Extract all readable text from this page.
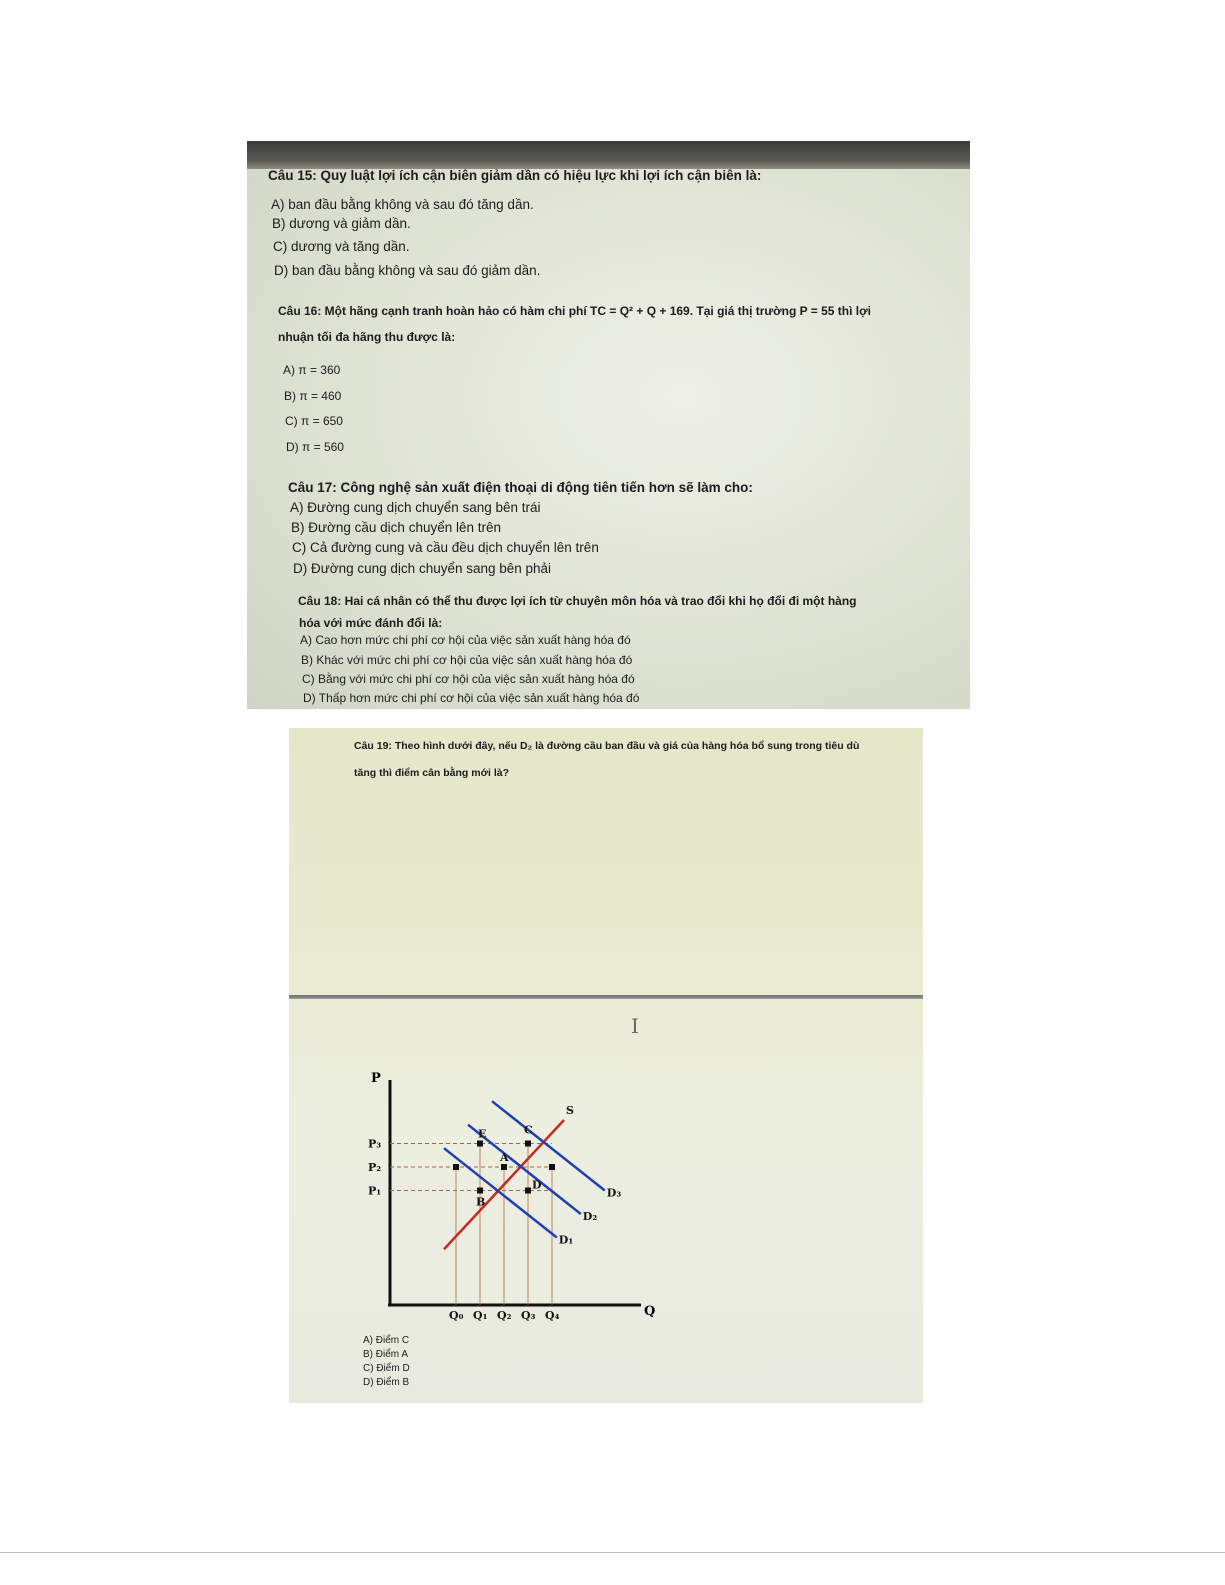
Câu 15: Quy luật lợi ích cận biên giảm dần có hiệu lực khi lợi ích cận biên là:

A) ban đầu bằng không và sau đó tăng dần.

B) dương và giảm dần.

C) dương và tăng dần.

D) ban đầu bằng không và sau đó giảm dần.

Câu 16: Một hãng cạnh tranh hoàn hảo có hàm chi phí TC = Q² + Q + 169. Tại giá thị trường P = 55 thì lợi

nhuận tối đa hãng thu được là:

A) π = 360

B) π = 460

C) π = 650

D) π = 560

Câu 17: Công nghệ sản xuất điện thoại di động tiên tiến hơn sẽ làm cho:

A) Đường cung dịch chuyển sang bên trái

B) Đường cầu dịch chuyển lên trên

C) Cả đường cung và cầu đều dịch chuyển lên trên

D) Đường cung dịch chuyển sang bên phải

Câu 18: Hai cá nhân có thể thu được lợi ích từ chuyên môn hóa và trao đổi khi họ đổi đi một hàng

hóa với mức đánh đổi là:

A) Cao hơn mức chi phí cơ hội của việc sản xuất hàng hóa đó

B) Khác với mức chi phí cơ hội của việc sản xuất hàng hóa đó

C) Bằng với mức chi phí cơ hội của việc sản xuất hàng hóa đó

D) Thấp hơn mức chi phí cơ hội của việc sản xuất hàng hóa đó

Câu 19: Theo hình dưới đây, nếu D₂ là đường cầu ban đầu và giá của hàng hóa bổ sung trong tiêu dù

tăng thì điểm cân bằng mới là?

I
P
Q
S
D₁
D₂
D₃
E	C
A
B
D
P₁
P₂
P₃
Q₀ Q₁ Q₂ Q₃ Q₄

A) Điểm C

B) Điểm A

C) Điểm D

D) Điểm B
